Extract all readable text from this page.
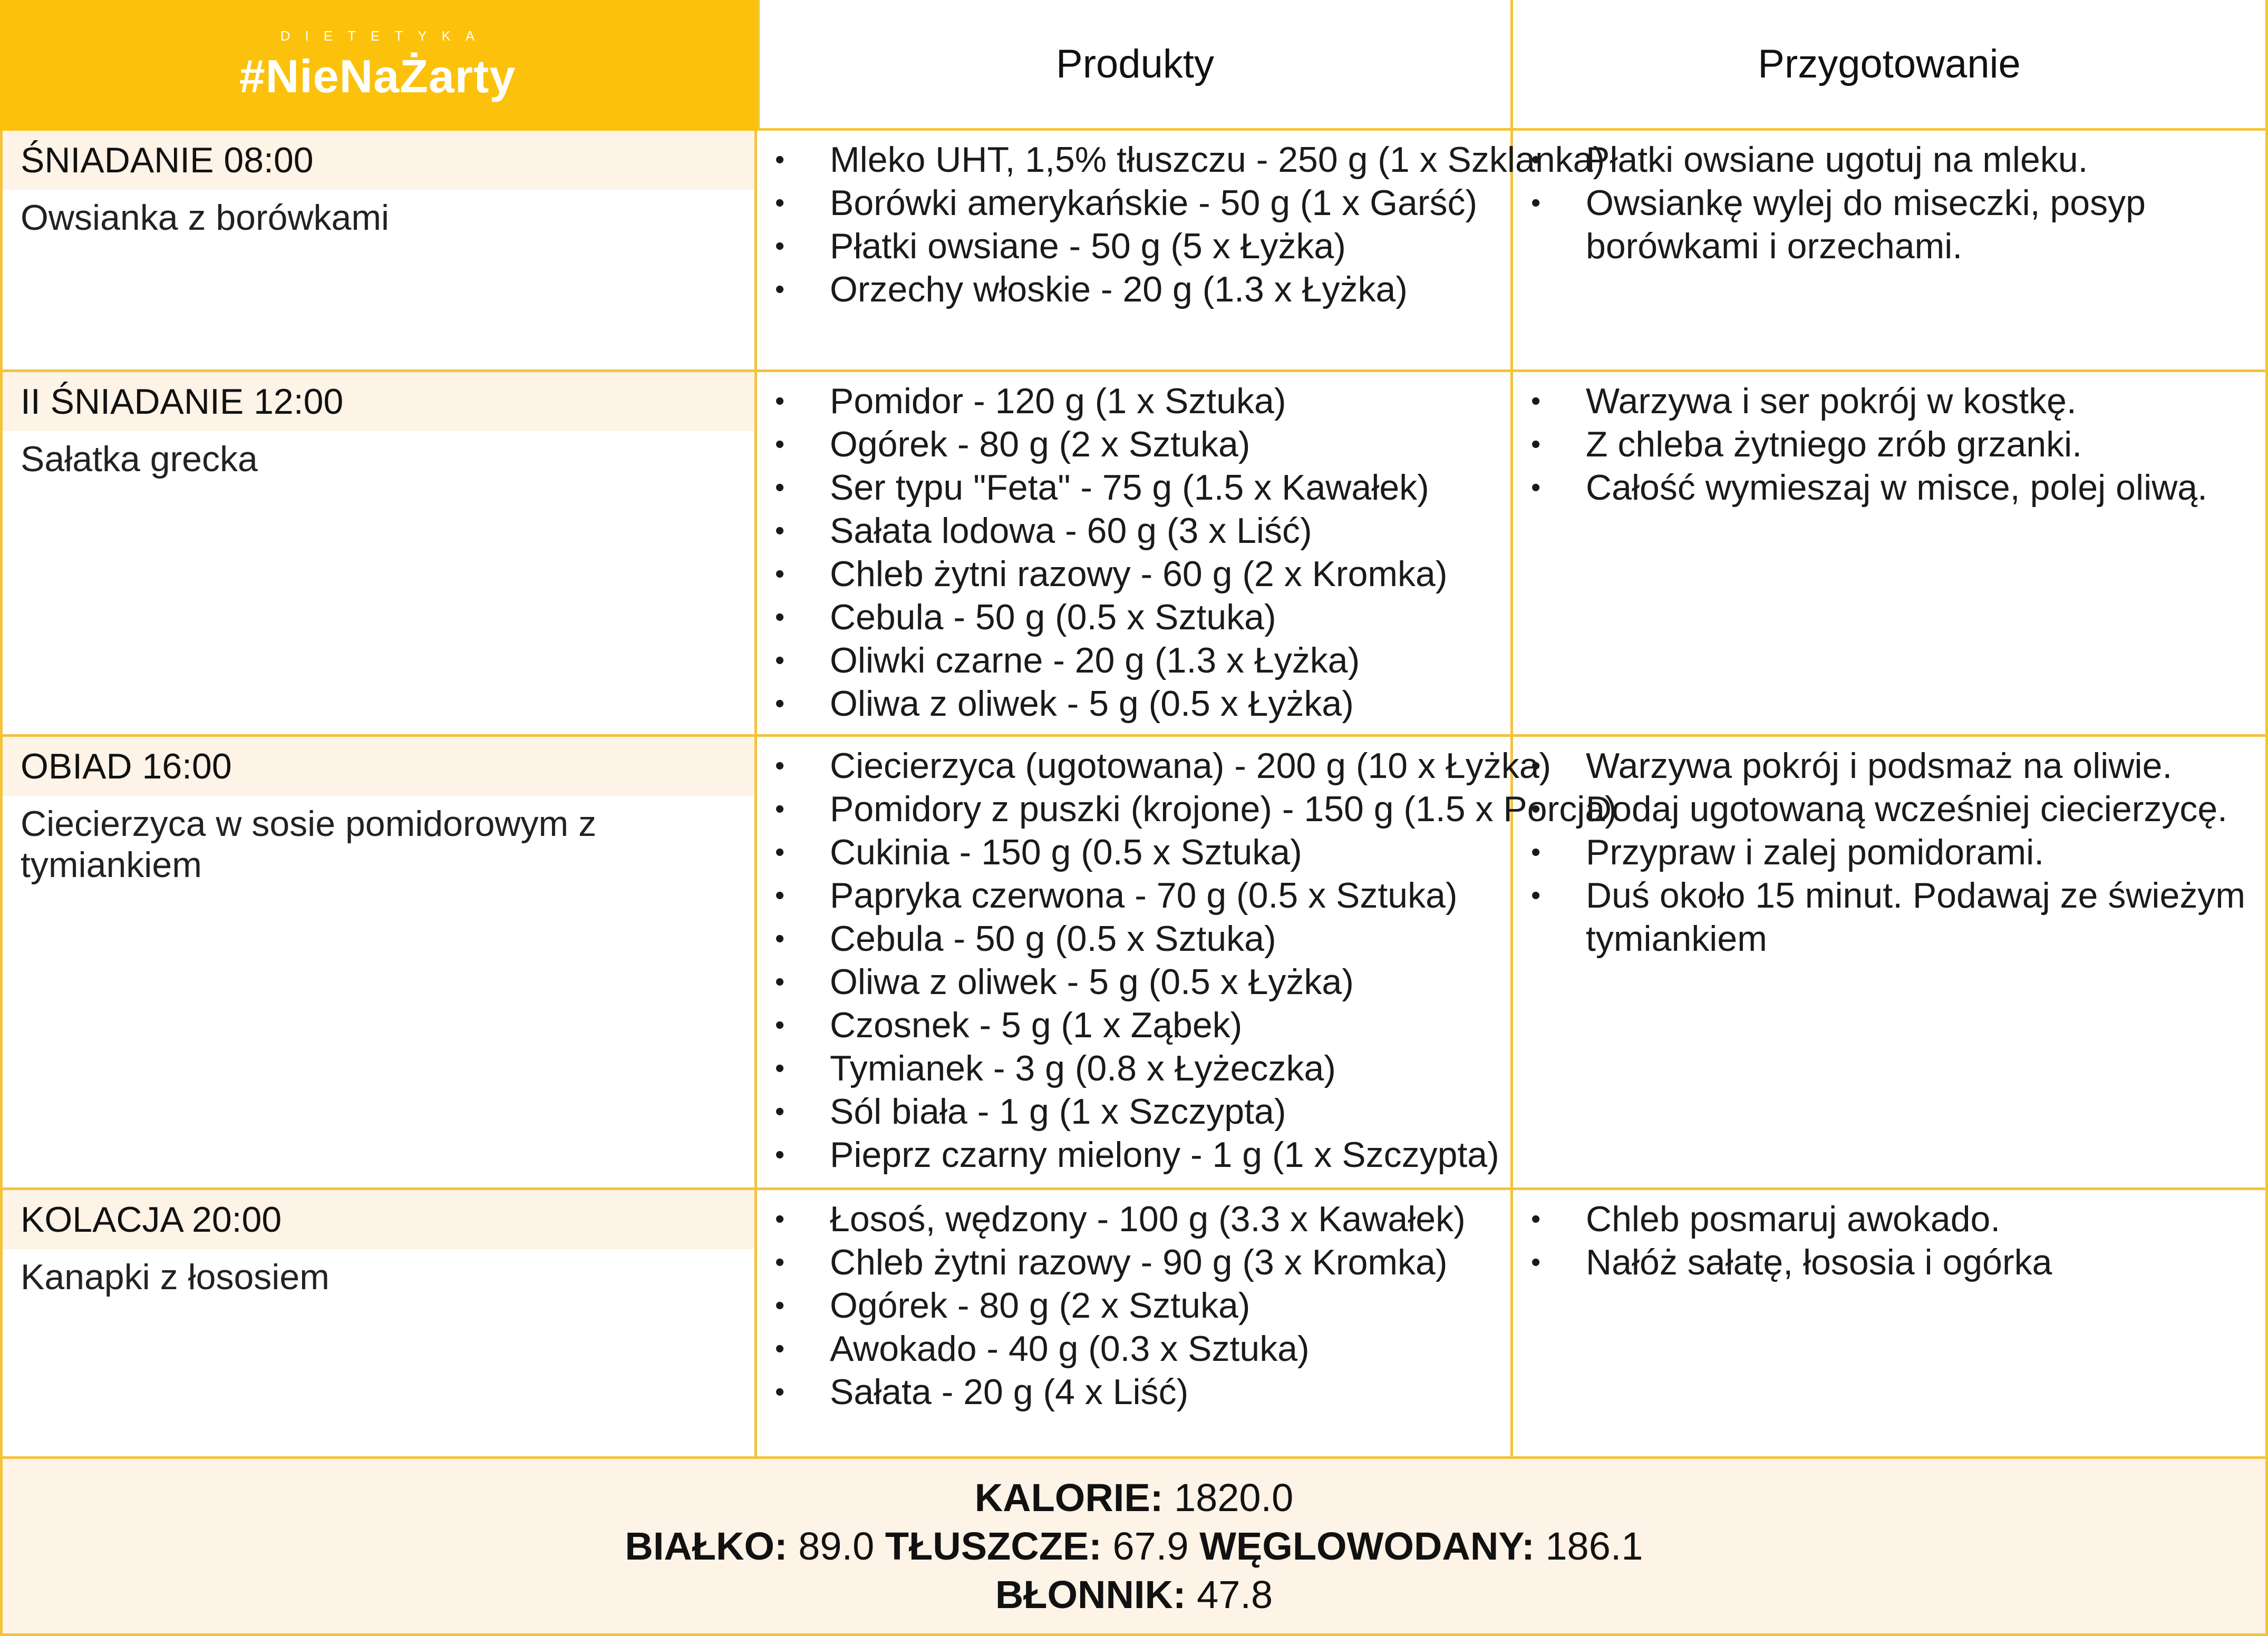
DIETETYKA
#NieNaŻarty	Produkty	Przygotowanie
ŚNIADANIE 08:00
Owsianka z borówkami
• Mleko UHT, 1,5% tłuszczu - 250 g (1 x Szklanka)
• Borówki amerykańskie - 50 g (1 x Garść)
• Płatki owsiane - 50 g (5 x Łyżka)
• Orzechy włoskie - 20 g (1.3 x Łyżka)
• Płatki owsiane ugotuj na mleku.
• Owsiankę wylej do miseczki, posyp borówkami i orzechami.
II ŚNIADANIE 12:00
Sałatka grecka
• Pomidor - 120 g (1 x Sztuka)
• Ogórek - 80 g (2 x Sztuka)
• Ser typu "Feta" - 75 g (1.5 x Kawałek)
• Sałata lodowa - 60 g (3 x Liść)
• Chleb żytni razowy - 60 g (2 x Kromka)
• Cebula - 50 g (0.5 x Sztuka)
• Oliwki czarne - 20 g (1.3 x Łyżka)
• Oliwa z oliwek - 5 g (0.5 x Łyżka)
• Warzywa i ser pokrój w kostkę.
• Z chleba żytniego zrób grzanki.
• Całość wymieszaj w misce, polej oliwą.
OBIAD 16:00
Ciecierzyca w sosie pomidorowym z tymiankiem
• Ciecierzyca (ugotowana) - 200 g (10 x Łyżka)
• Pomidory z puszki (krojone) - 150 g (1.5 x Porcja)
• Cukinia - 150 g (0.5 x Sztuka)
• Papryka czerwona - 70 g (0.5 x Sztuka)
• Cebula - 50 g (0.5 x Sztuka)
• Oliwa z oliwek - 5 g (0.5 x Łyżka)
• Czosnek - 5 g (1 x Ząbek)
• Tymianek - 3 g (0.8 x Łyżeczka)
• Sól biała - 1 g (1 x Szczypta)
• Pieprz czarny mielony - 1 g (1 x Szczypta)
• Warzywa pokrój i podsmaż na oliwie.
• Dodaj ugotowaną wcześniej ciecierzycę.
• Przypraw i zalej pomidorami.
• Duś około 15 minut. Podawaj ze świeżym tymiankiem
KOLACJA 20:00
Kanapki z łososiem
• Łosoś, wędzony - 100 g (3.3 x Kawałek)
• Chleb żytni razowy - 90 g (3 x Kromka)
• Ogórek - 80 g (2 x Sztuka)
• Awokado - 40 g (0.3 x Sztuka)
• Sałata - 20 g (4 x Liść)
• Chleb posmaruj awokado.
• Nałóż sałatę, łososia i ogórka
KALORIE: 1820.0
BIAŁKO: 89.0 TŁUSZCZE: 67.9 WĘGLOWODANY: 186.1
BŁONNIK: 47.8
